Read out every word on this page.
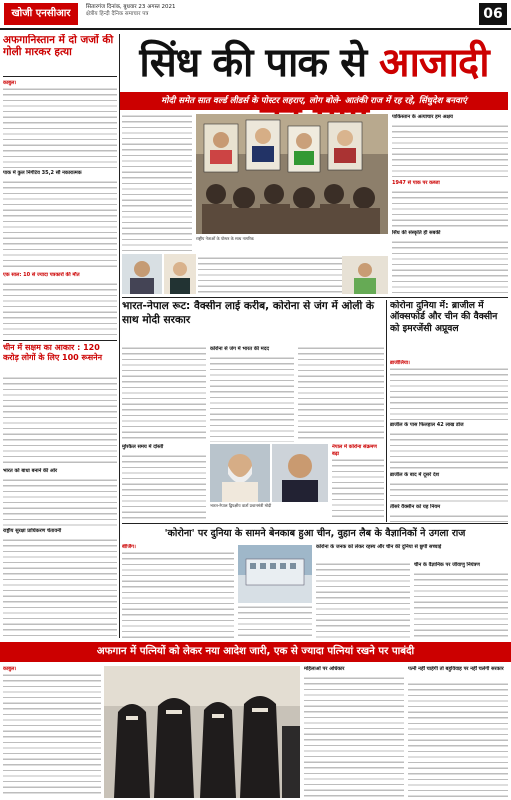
खोजी एनसीआर
सितारगंज दिनांक, बुधवार 23 अगस्त 2021
क्षेत्रीय हिन्दी दैनिक समाचार पत्र	06
अफगानिस्तान में दो जजों की गोली मारकर हत्या
काबुल।
पाक में कुल निगेटिव 35,2 सौ नकारात्मक
एक साल: 10 से ज्यादा पत्रकारों की मौत
चीन में सक्षम का आकार : 120 करोड़ लोगों के लिए 100 रूसनेन
भारत को बाधा बनाने की ओर
राष्ट्रीय सुरक्षा प्राधिकरण चेतावनी
सिंध की पाक से आजादी
मोदी समेत सात वर्ल्ड लीडर्स के पोस्टर लहराए, लोग बोले- आतंकी राज में रह रहे, सिंधुदेश बनवाएं
राष्ट्रीय नेताओं के पोस्टर के साथ नागरिक
पाकिस्तान के अत्याचार हम अक्षय
1947 से पाक पर कब्जा
सिंध की संस्कृति ही सबकी
भारत-नेपाल रूट: वैक्सीन लाई करीब, कोरोना से जंग में ओली के साथ मोदी सरकार
कोरोना से जंग में भारत की मदद
भारत-नेपाल द्विपक्षीय वार्ता प्रधानमंत्री मोदी
मुश्किल समय में दोस्ती	नेपाल में कोरोना संक्रमण बढ़ा
कोरोना दुनिया में: ब्राजील में ऑक्सफोर्ड और चीन की वैक्सीन को इमरजेंसी अप्रूवल
ब्राजीलिया।
ब्राजील के पास फिलहाल 42 लाख डोज
ब्राजील के बाद में दूसरे देश
तीसरे वैक्सीन को यह नियम
'कोरोना' पर दुनिया के सामने बेनकाब हुआ चीन, वुहान लैब के वैज्ञानिकों ने उगला राज
बीजिंग।	कोरोना के जनक को लेकर रहस्य और चीन की दुनिया से छुपी सच्चाई
चीन के वैज्ञानिक पर जीवाणु नियंत्रण
अफगान में पत्नियों को लेकर नया आदेश जारी, एक से ज्यादा पत्नियां रखने पर पाबंदी
काबुल।	महिलाओं पर अधिकार	पत्नी नहीं चाहेगी तो बहुविवाह पर नहीं चलेगी सरकार
